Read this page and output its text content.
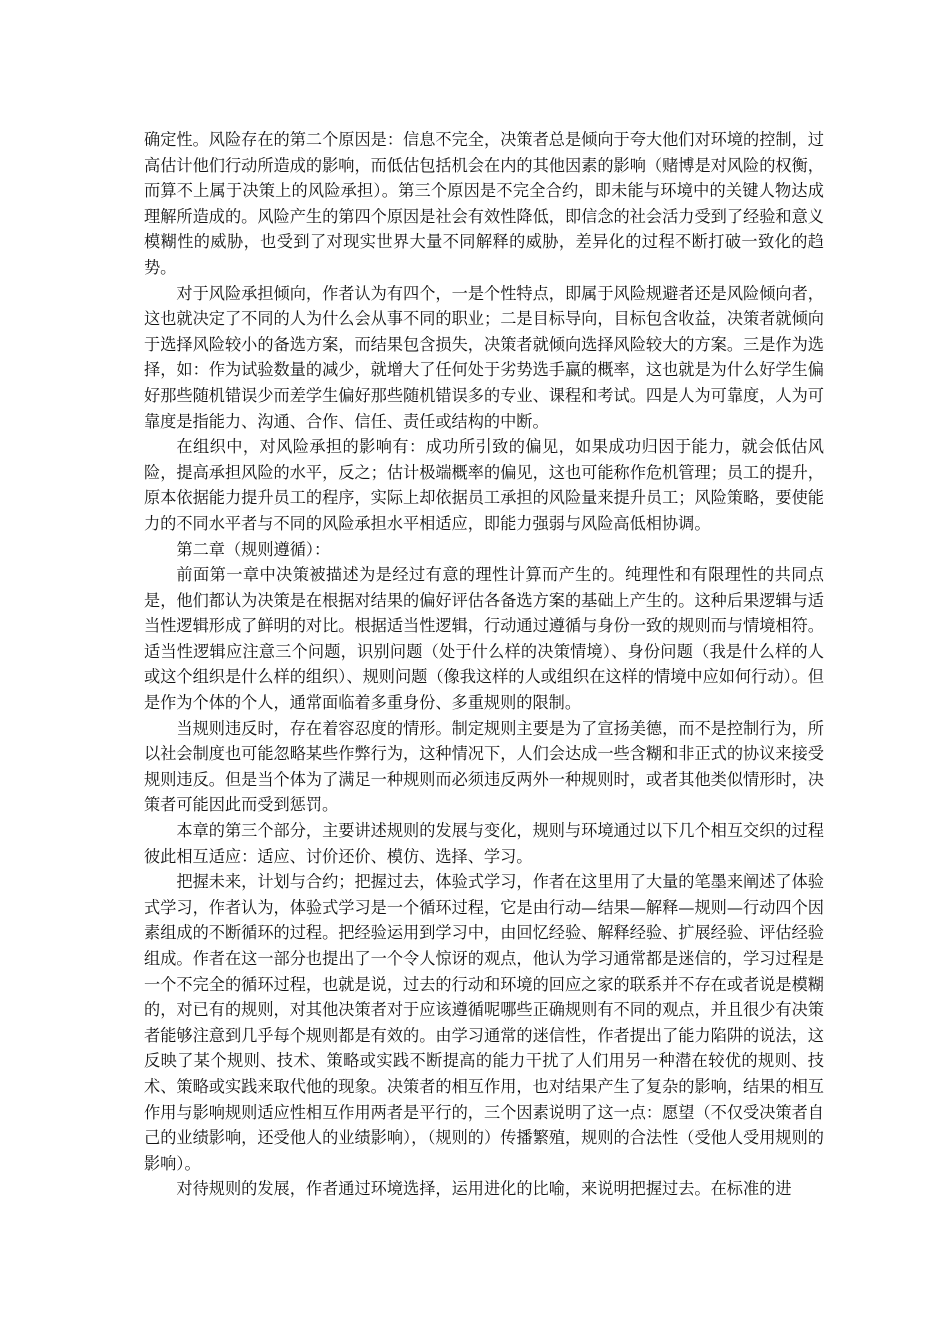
确定性。风险存在的第二个原因是：信息不完全，决策者总是倾向于夸大他们对环境的控制，过高估计他们行动所造成的影响，而低估包括机会在内的其他因素的影响（赌博是对风险的权衡，而算不上属于决策上的风险承担）。第三个原因是不完全合约，即未能与环境中的关键人物达成理解所造成的。风险产生的第四个原因是社会有效性降低，即信念的社会活力受到了经验和意义模糊性的威胁，也受到了对现实世界大量不同解释的威胁，差异化的过程不断打破一致化的趋势。

对于风险承担倾向，作者认为有四个，一是个性特点，即属于风险规避者还是风险倾向者，这也就决定了不同的人为什么会从事不同的职业；二是目标导向，目标包含收益，决策者就倾向于选择风险较小的备选方案，而结果包含损失，决策者就倾向选择风险较大的方案。三是作为选择，如：作为试验数量的减少，就增大了任何处于劣势选手赢的概率，这也就是为什么好学生偏好那些随机错误少而差学生偏好那些随机错误多的专业、课程和考试。四是人为可靠度，人为可靠度是指能力、沟通、合作、信任、责任或结构的中断。

在组织中，对风险承担的影响有：成功所引致的偏见，如果成功归因于能力，就会低估风险，提高承担风险的水平，反之；估计极端概率的偏见，这也可能称作危机管理；员工的提升，原本依据能力提升员工的程序，实际上却依据员工承担的风险量来提升员工；风险策略，要使能力的不同水平者与不同的风险承担水平相适应，即能力强弱与风险高低相协调。

第二章（规则遵循）：

前面第一章中决策被描述为是经过有意的理性计算而产生的。纯理性和有限理性的共同点是，他们都认为决策是在根据对结果的偏好评估各备选方案的基础上产生的。这种后果逻辑与适当性逻辑形成了鲜明的对比。根据适当性逻辑，行动通过遵循与身份一致的规则而与情境相符。适当性逻辑应注意三个问题，识别问题（处于什么样的决策情境）、身份问题（我是什么样的人或这个组织是什么样的组织）、规则问题（像我这样的人或组织在这样的情境中应如何行动）。但是作为个体的个人，通常面临着多重身份、多重规则的限制。

当规则违反时，存在着容忍度的情形。制定规则主要是为了宣扬美德，而不是控制行为，所以社会制度也可能忽略某些作弊行为，这种情况下，人们会达成一些含糊和非正式的协议来接受规则违反。但是当个体为了满足一种规则而必须违反两外一种规则时，或者其他类似情形时，决策者可能因此而受到惩罚。

本章的第三个部分，主要讲述规则的发展与变化，规则与环境通过以下几个相互交织的过程彼此相互适应：适应、讨价还价、模仿、选择、学习。

把握未来，计划与合约；把握过去，体验式学习，作者在这里用了大量的笔墨来阐述了体验式学习，作者认为，体验式学习是一个循环过程，它是由行动—结果—解释—规则—行动四个因素组成的不断循环的过程。把经验运用到学习中，由回忆经验、解释经验、扩展经验、评估经验组成。作者在这一部分也提出了一个令人惊讶的观点，他认为学习通常都是迷信的，学习过程是一个不完全的循环过程，也就是说，过去的行动和环境的回应之家的联系并不存在或者说是模糊的，对已有的规则，对其他决策者对于应该遵循呢哪些正确规则有不同的观点，并且很少有决策者能够注意到几乎每个规则都是有效的。由学习通常的迷信性，作者提出了能力陷阱的说法，这反映了某个规则、技术、策略或实践不断提高的能力干扰了人们用另一种潜在较优的规则、技术、策略或实践来取代他的现象。决策者的相互作用，也对结果产生了复杂的影响，结果的相互作用与影响规则适应性相互作用两者是平行的，三个因素说明了这一点：愿望（不仅受决策者自己的业绩影响，还受他人的业绩影响），（规则的）传播繁殖，规则的合法性（受他人受用规则的影响）。

对待规则的发展，作者通过环境选择，运用进化的比喻，来说明把握过去。在标准的进
